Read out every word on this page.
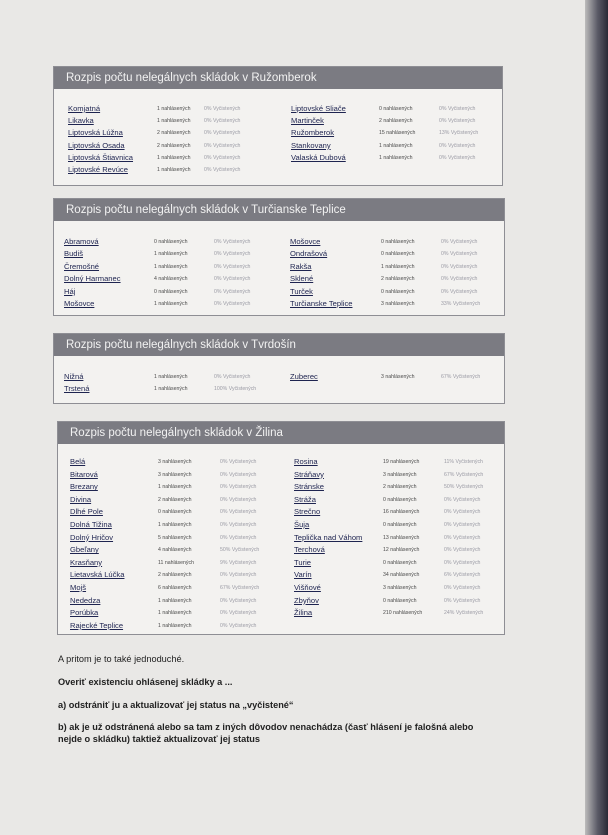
Rozpis počtu nelegálnych skládok v Ružomberok
Komjatná	1 nahlásených	0% Vyčistených
Likavka	1 nahlásených	0% Vyčistených
Liptovská Lúžna	2 nahlásených	0% Vyčistených
Liptovská Osada	2 nahlásených	0% Vyčistených
Liptovská Štiavnica	1 nahlásených	0% Vyčistených
Liptovské Revúce	1 nahlásených	0% Vyčistených
Liptovské Sliače	0 nahlásených	0% Vyčistených
Martinček	2 nahlásených	0% Vyčistených
Ružomberok	15 nahlásených	13% Vyčistených
Stankovany	1 nahlásených	0% Vyčistených
Valaská Dubová	1 nahlásených	0% Vyčistených
Rozpis počtu nelegálnych skládok v Turčianske Teplice
Abramová	0 nahlásených	0% Vyčistených
Budiš	1 nahlásených	0% Vyčistených
Čremošné	1 nahlásených	0% Vyčistených
Dolný Harmanec	4 nahlásených	0% Vyčistených
Háj	0 nahlásených	0% Vyčistených
Mošovce	1 nahlásených	0% Vyčistených
Mošovce	0 nahlásených	0% Vyčistených
Ondrašová	0 nahlásených	0% Vyčistených
Rakša	1 nahlásených	0% Vyčistených
Sklené	2 nahlásených	0% Vyčistených
Turček	0 nahlásených	0% Vyčistených
Turčianske Teplice	3 nahlásených	33% Vyčistených
Rozpis počtu nelegálnych skládok v Tvrdošín
Nižná	1 nahlásených	0% Vyčistených
Trstená	1 nahlásených	100% Vyčistených
Zuberec	3 nahlásených	67% Vyčistených
Rozpis počtu nelegálnych skládok v Žilina
Belá	3 nahlásených	0% Vyčistených
Bitarová	3 nahlásených	0% Vyčistených
Brezany	1 nahlásených	0% Vyčistených
Divina	2 nahlásených	0% Vyčistených
Dlhé Pole	0 nahlásených	0% Vyčistených
Dolná Tižina	1 nahlásených	0% Vyčistených
Dolný Hričov	5 nahlásených	0% Vyčistených
Gbeľany	4 nahlásených	50% Vyčistených
Krasňany	11 nahlásených	9% Vyčistených
Lietavská Lúčka	2 nahlásených	0% Vyčistených
Mojš	6 nahlásených	67% Vyčistených
Nededza	1 nahlásených	0% Vyčistených
Porúbka	1 nahlásených	0% Vyčistených
Rajecké Teplice	1 nahlásených	0% Vyčistených
Rosina	19 nahlásených	11% Vyčistených
Stráňavy	3 nahlásených	67% Vyčistených
Stránske	2 nahlásených	50% Vyčistených
Stráža	0 nahlásených	0% Vyčistených
Strečno	16 nahlásených	0% Vyčistených
Šuja	0 nahlásených	0% Vyčistených
Teplička nad Váhom	13 nahlásených	0% Vyčistených
Terchová	12 nahlásených	0% Vyčistených
Turie	0 nahlásených	0% Vyčistených
Varín	34 nahlásených	6% Vyčistených
Višňové	3 nahlásených	0% Vyčistených
Zbyňov	0 nahlásených	0% Vyčistených
Žilina	210 nahlásených	24% Vyčistených
A pritom je to také jednoduché.
Overiť existenciu ohlásenej skládky a ...
a) odstrániť ju a aktualizovať jej status na „vyčistené“
b) ak je už odstránená alebo sa tam z iných dôvodov nenachádza (časť hlásení je falošná alebo
nejde o skládku) taktiež aktualizovať jej status
